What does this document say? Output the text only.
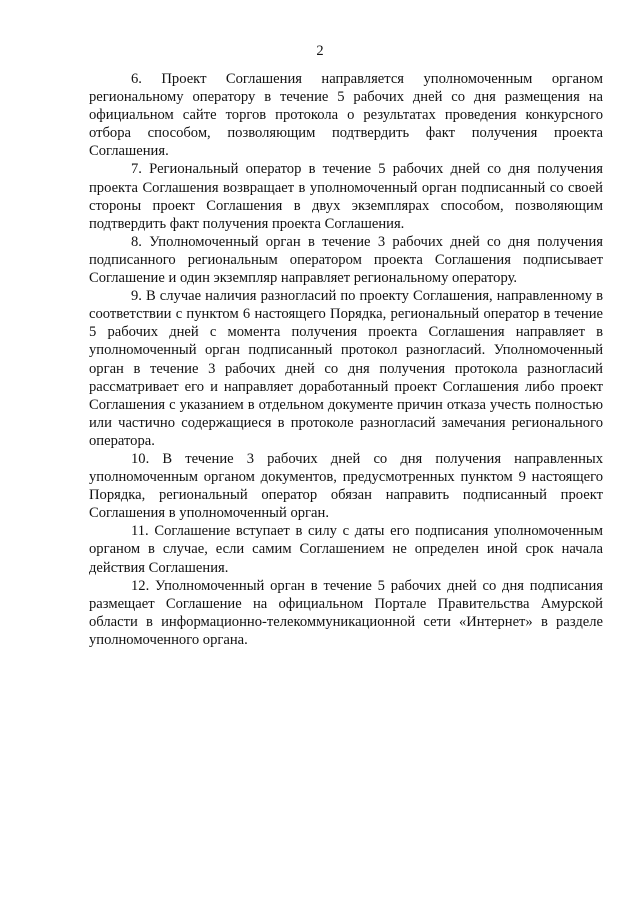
2

6. Проект Соглашения направляется уполномоченным органом региональному оператору в течение 5 рабочих дней со дня размещения на официальном сайте торгов протокола о результатах проведения конкурсного отбора способом, позволяющим подтвердить факт получения проекта Соглашения.

7. Региональный оператор в течение 5 рабочих дней со дня получения проекта Соглашения возвращает в уполномоченный орган подписанный со своей стороны проект Соглашения в двух экземплярах способом, позволяющим подтвердить факт получения проекта Соглашения.

8. Уполномоченный орган в течение 3 рабочих дней со дня получения подписанного региональным оператором проекта Соглашения подписывает Соглашение и один экземпляр направляет региональному оператору.

9. В случае наличия разногласий по проекту Соглашения, направленному в соответствии с пунктом 6 настоящего Порядка, региональный оператор в течение 5 рабочих дней с момента получения проекта Соглашения направляет в уполномоченный орган подписанный протокол разногласий. Уполномоченный орган в течение 3 рабочих дней со дня получения протокола разногласий рассматривает его и направляет доработанный проект Соглашения либо проект Соглашения с указанием в отдельном документе причин отказа учесть полностью или частично содержащиеся в протоколе разногласий замечания регионального оператора.

10. В течение 3 рабочих дней со дня получения направленных уполномоченным органом документов, предусмотренных пунктом 9 настоящего Порядка, региональный оператор обязан направить подписанный проект Соглашения в уполномоченный орган.

11. Соглашение вступает в силу с даты его подписания уполномоченным органом в случае, если самим Соглашением не определен иной срок начала действия Соглашения.

12. Уполномоченный орган в течение 5 рабочих дней со дня подписания размещает Соглашение на официальном Портале Правительства Амурской области в информационно-телекоммуникационной сети «Интернет» в разделе уполномоченного органа.
